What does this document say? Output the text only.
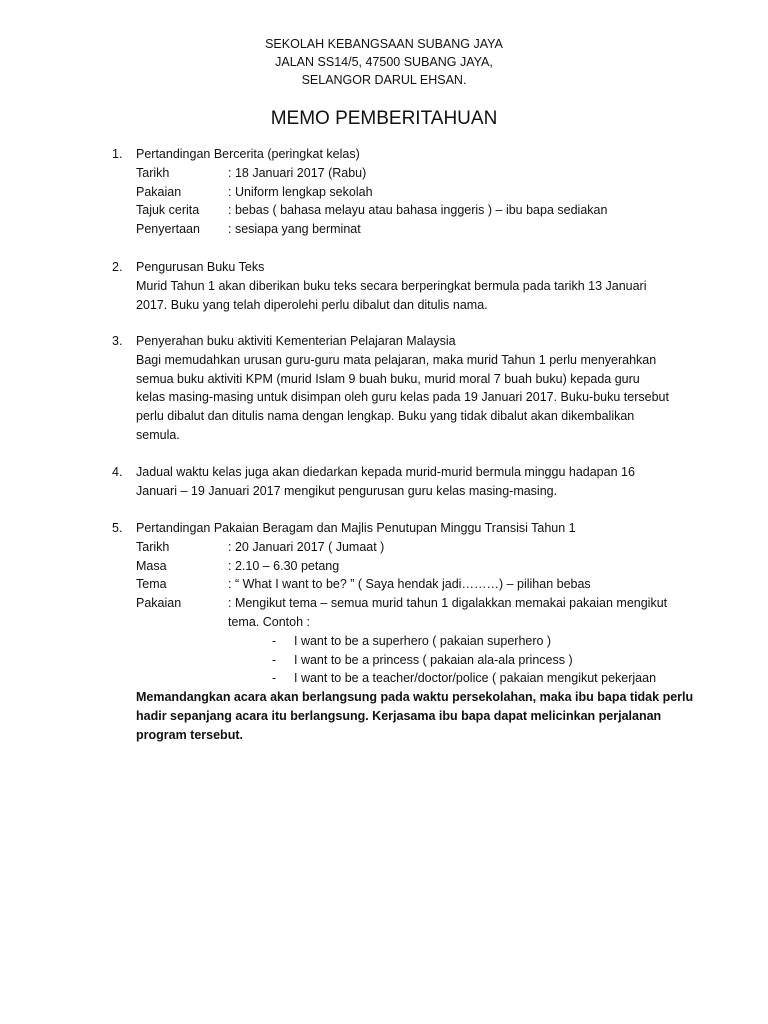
SEKOLAH KEBANGSAAN SUBANG JAYA
JALAN SS14/5, 47500 SUBANG JAYA,
SELANGOR DARUL EHSAN.
MEMO PEMBERITAHUAN
1.	Pertandingan Bercerita (peringkat kelas)
Tarikh	: 18 Januari 2017 (Rabu)
Pakaian	: Uniform lengkap sekolah
Tajuk cerita : bebas ( bahasa melayu atau bahasa inggeris ) – ibu bapa sediakan
Penyertaan : sesiapa yang berminat
2.	Pengurusan Buku Teks
Murid Tahun 1 akan diberikan buku teks secara berperingkat bermula pada tarikh 13 Januari
2017. Buku yang telah diperolehi perlu dibalut dan ditulis nama.
3.	Penyerahan buku aktiviti Kementerian Pelajaran Malaysia
Bagi memudahkan urusan guru-guru mata pelajaran, maka murid Tahun 1 perlu menyerahkan
semua buku aktiviti KPM (murid Islam 9 buah buku, murid moral 7 buah buku) kepada guru
kelas masing-masing untuk disimpan oleh guru kelas pada 19 Januari 2017. Buku-buku tersebut
perlu dibalut dan ditulis nama dengan lengkap. Buku yang tidak dibalut akan dikembalikan
semula.
4.	Jadual waktu kelas juga akan diedarkan kepada murid-murid bermula minggu hadapan 16
Januari – 19 Januari 2017 mengikut pengurusan guru kelas masing-masing.
5.	Pertandingan Pakaian Beragam dan Majlis Penutupan Minggu Transisi Tahun 1
Tarikh	: 20 Januari 2017 ( Jumaat )
Masa	: 2.10 – 6.30 petang
Tema	: “ What I want to be? ” ( Saya hendak jadi………) – pilihan bebas
Pakaian	: Mengikut tema – semua murid tahun 1 digalakkan memakai pakaian mengikut
tema. Contoh :
- I want to be a superhero ( pakaian superhero )
- I want to be a princess ( pakaian ala-ala princess )
- I want to be a teacher/doctor/police ( pakaian mengikut pekerjaan
Memandangkan acara akan berlangsung pada waktu persekolahan, maka ibu bapa tidak perlu
hadir sepanjang acara itu berlangsung. Kerjasama ibu bapa dapat melicinkan perjalanan
program tersebut.
